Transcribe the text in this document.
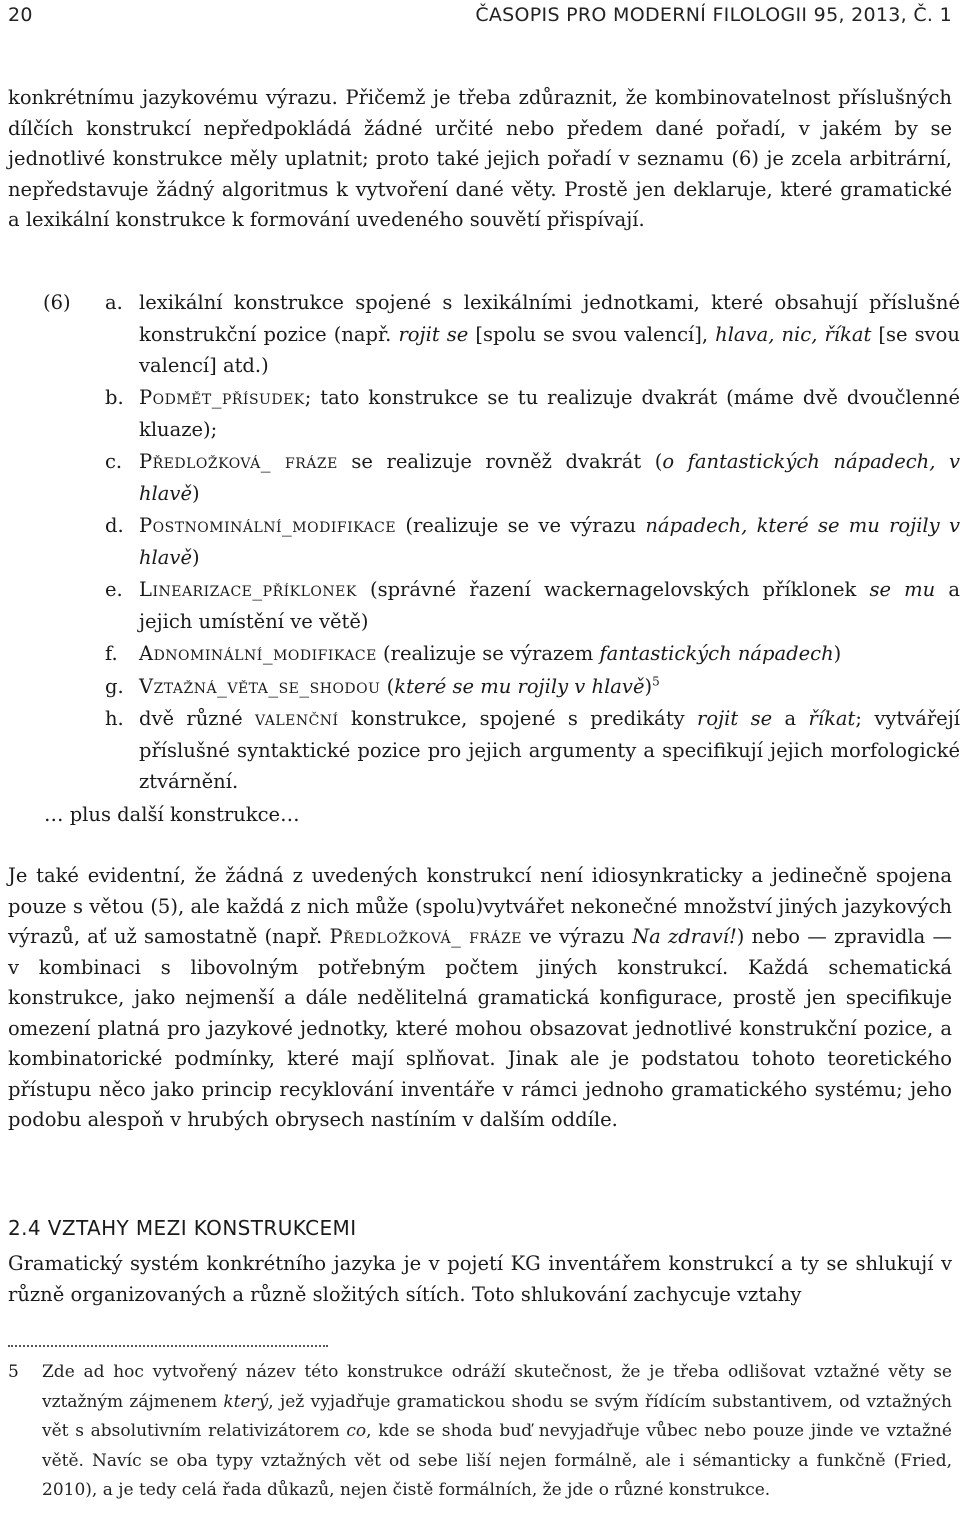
20	ČASOPIS PRO MODERNÍ FILOLOGII 95, 2013, Č. 1

konkrétnímu jazykovému výrazu. Přičemž je třeba zdůraznit, že kombinovatelnost příslušných dílčích konstrukcí nepředpokládá žádné určité nebo předem dané pořadí, v jakém by se jednotlivé konstrukce měly uplatnit; proto také jejich pořadí v seznamu (6) je zcela arbitrární, nepředstavuje žádný algoritmus k vytvoření dané věty. Prostě jen deklaruje, které gramatické a lexikální konstrukce k formování uvedeného souvětí přispívají.

(6) a. lexikální konstrukce spojené s lexikálními jednotkami, které obsahují příslušné konstrukční pozice (např. rojit se [spolu se svou valencí], hlava, nic, říkat [se svou valencí] atd.)
b. Podmět_přísudek; tato konstrukce se tu realizuje dvakrát (máme dvě dvoučlenné kluaze);
c. Předložková_ fráze se realizuje rovněž dvakrát (o fantastických nápadech, v hlavě)
d. Postnominální_modifikace (realizuje se ve výrazu nápadech, které se mu rojily v hlavě)
e. Linearizace_příklonek (správné řazení wackernagelovských příklonek se mu a jejich umístění ve větě)
f. Adnominální_modifikace (realizuje se výrazem fantastických nápadech)
g. Vztažná_věta_se_shodou (které se mu rojily v hlavě)$^5$
h. dvě různé valenční konstrukce, spojené s predikáty rojit se a říkat; vytvářejí příslušné syntaktické pozice pro jejich argumenty a specifikují jejich morfologické ztvárnění.
… plus další konstrukce…

Je také evidentní, že žádná z uvedených konstrukcí není idiosynkraticky a jedinečně spojena pouze s větou (5), ale každá z nich může (spolu)vytvářet nekonečné množství jiných jazykových výrazů, ať už samostatně (např. Předložková_ fráze ve výrazu Na zdraví!) nebo — zpravidla — v kombinaci s libovolným potřebným počtem jiných konstrukcí. Každá schematická konstrukce, jako nejmenší a dále nedělitelná gramatická konfigurace, prostě jen specifikuje omezení platná pro jazykové jednotky, které mohou obsazovat jednotlivé konstrukční pozice, a kombinatorické podmínky, které mají splňovat. Jinak ale je podstatou tohoto teoretického přístupu něco jako princip recyklování inventáře v rámci jednoho gramatického systému; jeho podobu alespoň v hrubých obrysech nastíním v dalším oddíle.

2.4 VZTAHY MEZI KONSTRUKCEMI

Gramatický systém konkrétního jazyka je v pojetí KG inventářem konstrukcí a ty se shlukují v různě organizovaných a různě složitých sítích. Toto shlukování zachycuje vztahy

5 Zde ad hoc vytvořený název této konstrukce odráží skutečnost, že je třeba odlišovat vztažné věty se vztažným zájmenem který, jež vyjadřuje gramatickou shodu se svým řídícím substantivem, od vztažných vět s absolutivním relativizátorem co, kde se shoda buď nevyjadřuje vůbec nebo pouze jinde ve vztažné větě. Navíc se oba typy vztažných vět od sebe liší nejen formálně, ale i sémanticky a funkčně (Fried, 2010), a je tedy celá řada důkazů, nejen čistě formálních, že jde o různé konstrukce.
